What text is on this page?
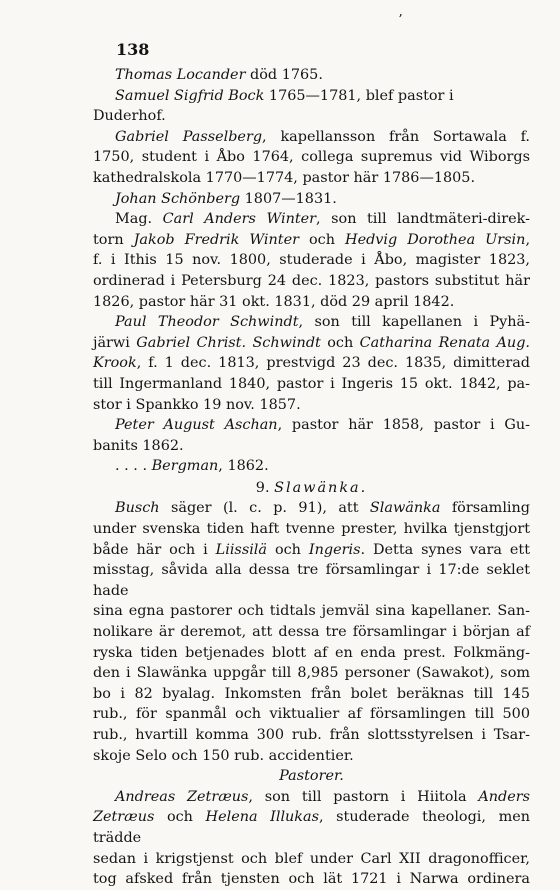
ʼ
138

Thomas Locander död 1765.

Samuel Sigfrid Bock 1765—1781, blef pastor i Duderhof.

Gabriel Passelberg, kapellansson från Sortawala f.

1750, student i Åbo 1764, collega supremus vid Wiborgs

kathedralskola 1770—1774, pastor här 1786—1805.

Johan Schönberg 1807—1831.

Mag. Carl Anders Winter, son till landtmäteri-direk-

torn Jakob Fredrik Winter och Hedvig Dorothea Ursin,

f. i Ithis 15 nov. 1800, studerade i Åbo, magister 1823,

ordinerad i Petersburg 24 dec. 1823, pastors substitut här

1826, pastor här 31 okt. 1831, död 29 april 1842.

Paul Theodor Schwindt, son till kapellanen i Pyhä-

järwi Gabriel Christ. Schwindt och Catharina Renata Aug.

Krook, f. 1 dec. 1813, prestvigd 23 dec. 1835, dimitterad

till Ingermanland 1840, pastor i Ingeris 15 okt. 1842, pa-

stor i Spankko 19 nov. 1857.

Peter August Aschan, pastor här 1858, pastor i Gu-

banits 1862.

. . . . Bergman, 1862.

9. Slawänka.

Busch säger (l. c. p. 91), att Slawänka församling

under svenska tiden haft tvenne prester, hvilka tjenstgjort

både här och i Liissilä och Ingeris. Detta synes vara ett

misstag, såvida alla dessa tre församlingar i 17:de seklet hade

sina egna pastorer och tidtals jemväl sina kapellaner. San-

nolikare är deremot, att dessa tre församlingar i början af

ryska tiden betjenades blott af en enda prest. Folkmäng-

den i Slawänka uppgår till 8,985 personer (Sawakot), som

bo i 82 byalag. Inkomsten från bolet beräknas till 145

rub., för spanmål och viktualier af församlingen till 500

rub., hvartill komma 300 rub. från slottsstyrelsen i Tsar-

skoje Selo och 150 rub. accidentier.

Pastorer.

Andreas Zetræus, son till pastorn i Hiitola Anders

Zetræus och Helena Illukas, studerade theologi, men trädde

sedan i krigstjenst och blef under Carl XII dragonofficer,

tog afsked från tjensten och lät 1721 i Narwa ordinera
